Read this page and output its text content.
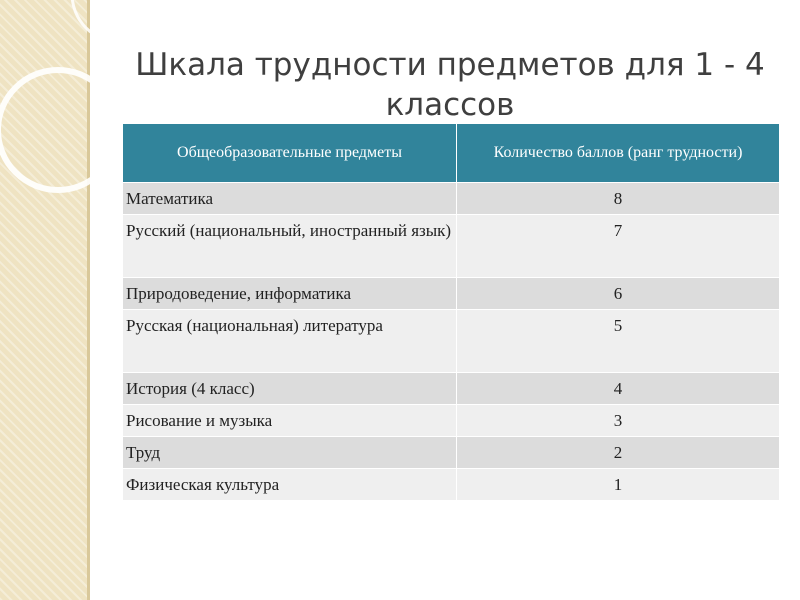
Шкала трудности предметов для 1 - 4 классов
Общеобразовательные предметы	Количество баллов (ранг трудности)
Математика	8
Русский (национальный, иностранный язык)	7
Природоведение, информатика	6
Русская (национальная) литература	5
История (4 класс)	4
Рисование и музыка	3
Труд	2
Физическая культура	1
